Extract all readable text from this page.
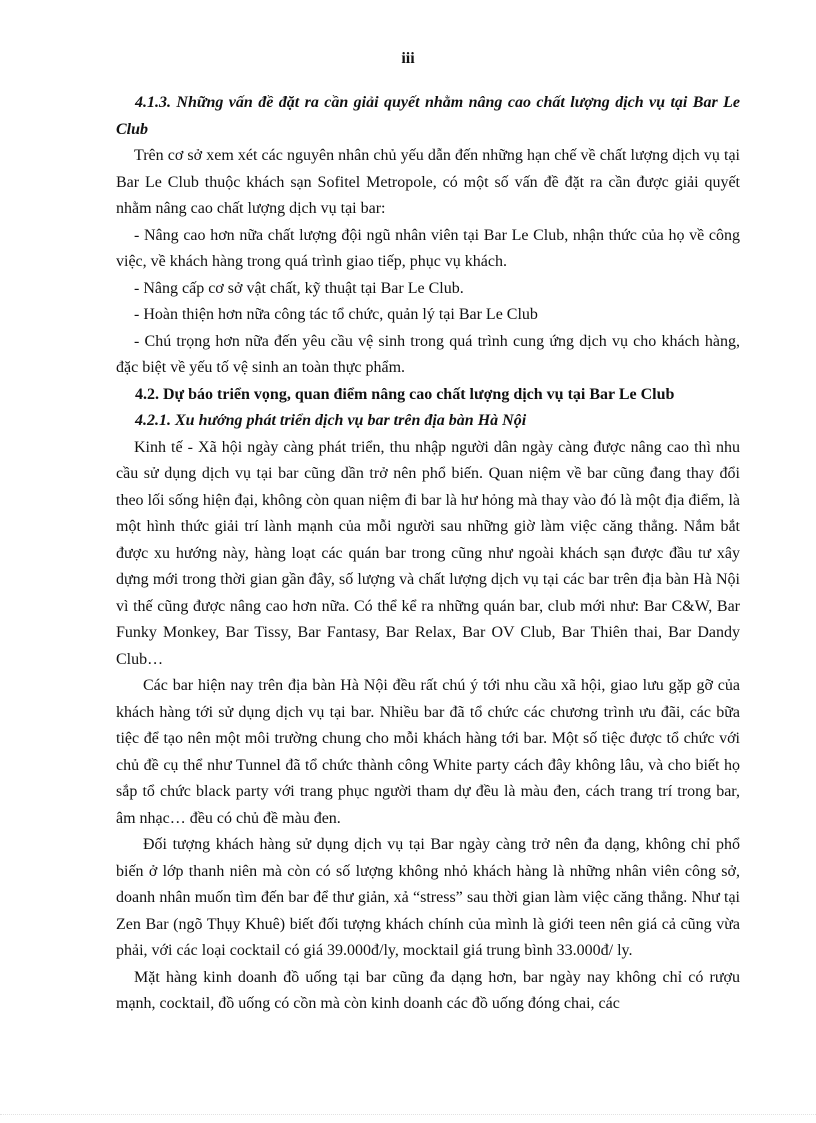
iii

4.1.3. Những vấn đề đặt ra cần giải quyết nhằm nâng cao chất lượng dịch vụ tại Bar Le Club

Trên cơ sở xem xét các nguyên nhân chủ yếu dẫn đến những hạn chế về chất lượng dịch vụ tại Bar Le Club thuộc khách sạn Sofitel Metropole, có một số vấn đề đặt ra cần được giải quyết nhằm nâng cao chất lượng dịch vụ tại bar:

- Nâng cao hơn nữa chất lượng đội ngũ nhân viên tại Bar Le Club, nhận thức của họ về công việc, về khách hàng trong quá trình giao tiếp, phục vụ khách.

- Nâng cấp cơ sở vật chất, kỹ thuật tại Bar Le Club.

- Hoàn thiện hơn nữa công tác tổ chức, quản lý tại Bar Le Club

- Chú trọng hơn nữa đến yêu cầu vệ sinh trong quá trình cung ứng dịch vụ cho khách hàng, đặc biệt về yếu tố vệ sinh an toàn thực phẩm.

4.2. Dự báo triển vọng, quan điểm nâng cao chất lượng dịch vụ tại Bar Le Club

4.2.1. Xu hướng phát triển dịch vụ bar trên địa bàn Hà Nội

Kinh tế - Xã hội ngày càng phát triển, thu nhập người dân ngày càng được nâng cao thì nhu cầu sử dụng dịch vụ tại bar cũng dần trở nên phổ biến. Quan niệm về bar cũng đang thay đổi theo lối sống hiện đại, không còn quan niệm đi bar là hư hỏng mà thay vào đó là một địa điểm, là một hình thức giải trí lành mạnh của mỗi người sau những giờ làm việc căng thẳng. Nắm bắt được xu hướng này, hàng loạt các quán bar trong cũng như ngoài khách sạn được đầu tư xây dựng mới trong thời gian gần đây, số lượng và chất lượng dịch vụ tại các bar trên địa bàn Hà Nội vì thế cũng được nâng cao hơn nữa. Có thể kể ra những quán bar, club mới như: Bar C&W, Bar Funky Monkey, Bar Tissy, Bar Fantasy, Bar Relax, Bar OV Club, Bar Thiên thai, Bar Dandy Club…

Các bar hiện nay trên địa bàn Hà Nội đều rất chú ý tới nhu cầu xã hội, giao lưu gặp gỡ của khách hàng tới sử dụng dịch vụ tại bar. Nhiều bar đã tổ chức các chương trình ưu đãi, các bữa tiệc để tạo nên một môi trường chung cho mỗi khách hàng tới bar. Một số tiệc được tổ chức với chủ đề cụ thể như Tunnel đã tổ chức thành công White party cách đây không lâu, và cho biết họ sắp tổ chức black party với trang phục người tham dự đều là màu đen, cách trang trí trong bar, âm nhạc… đều có chủ đề màu đen.

Đối tượng khách hàng sử dụng dịch vụ tại Bar ngày càng trở nên đa dạng, không chỉ phổ biến ở lớp thanh niên mà còn có số lượng không nhỏ khách hàng là những nhân viên công sở, doanh nhân muốn tìm đến bar để thư giản, xả “stress” sau thời gian làm việc căng thẳng. Như tại Zen Bar (ngõ Thụy Khuê) biết đối tượng khách chính của mình là giới teen nên giá cả cũng vừa phải, với các loại cocktail có giá 39.000đ/ly, mocktail giá trung bình 33.000đ/ ly.

Mặt hàng kinh doanh đồ uống tại bar cũng đa dạng hơn, bar ngày nay không chỉ có rượu mạnh, cocktail, đồ uống có cồn mà còn kinh doanh các đồ uống đóng chai, các
